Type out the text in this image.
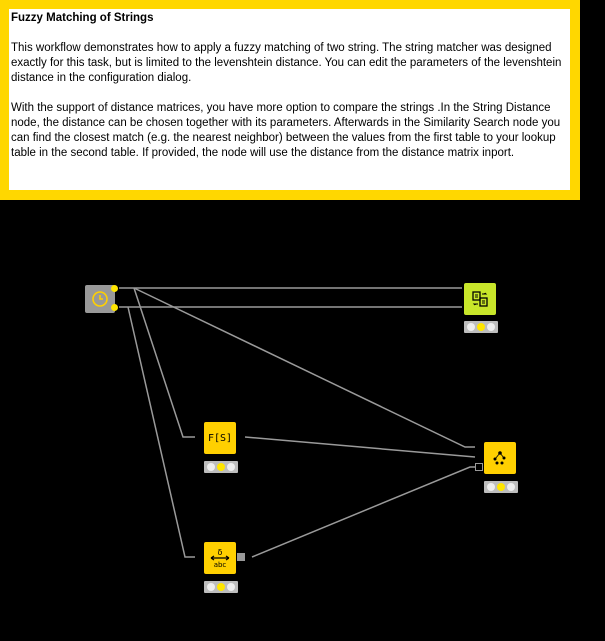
Fuzzy Matching of Strings

This workflow demonstrates how to apply a fuzzy matching of two string. The string matcher was designed exactly for this task, but is limited to the levenshtein distance. You can edit the parameters of the levenshtein distance in the configuration dialog.

With the support of distance matrices, you have more option to compare the strings .In the String Distance node, the distance can be chosen together with its parameters. Afterwards in the Similarity Search node you can find the closest match (e.g. the nearest neighbor) between the values from the first table to your lookup table in the second table. If provided, the node will use the distance from the distance matrix inport.

F[S]
δ
abc
